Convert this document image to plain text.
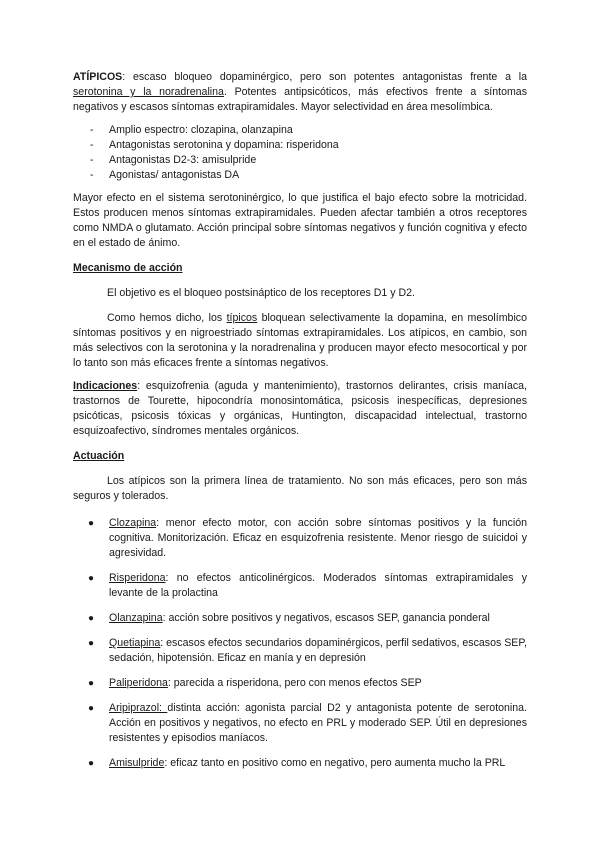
ATÍPICOS: escaso bloqueo dopaminérgico, pero son potentes antagonistas frente a la serotonina y la noradrenalina. Potentes antipsicóticos, más efectivos frente a síntomas negativos y escasos síntomas extrapiramidales. Mayor selectividad en área mesolímbica.

- Amplio espectro: clozapina, olanzapina
- Antagonistas serotonina y dopamina: risperidona
- Antagonistas D2-3: amisulpride
- Agonistas/ antagonistas DA

Mayor efecto en el sistema serotoninérgico, lo que justifica el bajo efecto sobre la motricidad. Estos producen menos síntomas extrapiramidales. Pueden afectar también a otros receptores como NMDA o glutamato. Acción principal sobre síntomas negativos y función cognitiva y efecto en el estado de ánimo.

Mecanismo de acción

El objetivo es el bloqueo postsináptico de los receptores D1 y D2.

Como hemos dicho, los típicos bloquean selectivamente la dopamina, en mesolímbico síntomas positivos y en nigroestriado síntomas extrapiramidales. Los atípicos, en cambio, son más selectivos con la serotonina y la noradrenalina y producen mayor efecto mesocortical y por lo tanto son más eficaces frente a síntomas negativos.

Indicaciones: esquizofrenia (aguda y mantenimiento), trastornos delirantes, crisis maníaca, trastornos de Tourette, hipocondría monosintomática, psicosis inespecíficas, depresiones psicóticas, psicosis tóxicas y orgánicas, Huntington, discapacidad intelectual, trastorno esquizoafectivo, síndromes mentales orgánicos.

Actuación

Los atípicos son la primera línea de tratamiento. No son más eficaces, pero son más seguros y tolerados.

● Clozapina: menor efecto motor, con acción sobre síntomas positivos y la función cognitiva. Monitorización. Eficaz en esquizofrenia resistente. Menor riesgo de suicidoi y agresividad.
● Risperidona: no efectos anticolinérgicos. Moderados síntomas extrapiramidales y levante de la prolactina
● Olanzapina: acción sobre positivos y negativos, escasos SEP, ganancia ponderal
● Quetiapina: escasos efectos secundarios dopaminérgicos, perfil sedativos, escasos SEP, sedación, hipotensión. Eficaz en manía y en depresión
● Paliperidona: parecida a risperidona, pero con menos efectos SEP
● Aripiprazol: distinta acción: agonista parcial D2 y antagonista potente de serotonina. Acción en positivos y negativos, no efecto en PRL y moderado SEP. Útil en depresiones resistentes y episodios maníacos.
● Amisulpride: eficaz tanto en positivo como en negativo, pero aumenta mucho la PRL
